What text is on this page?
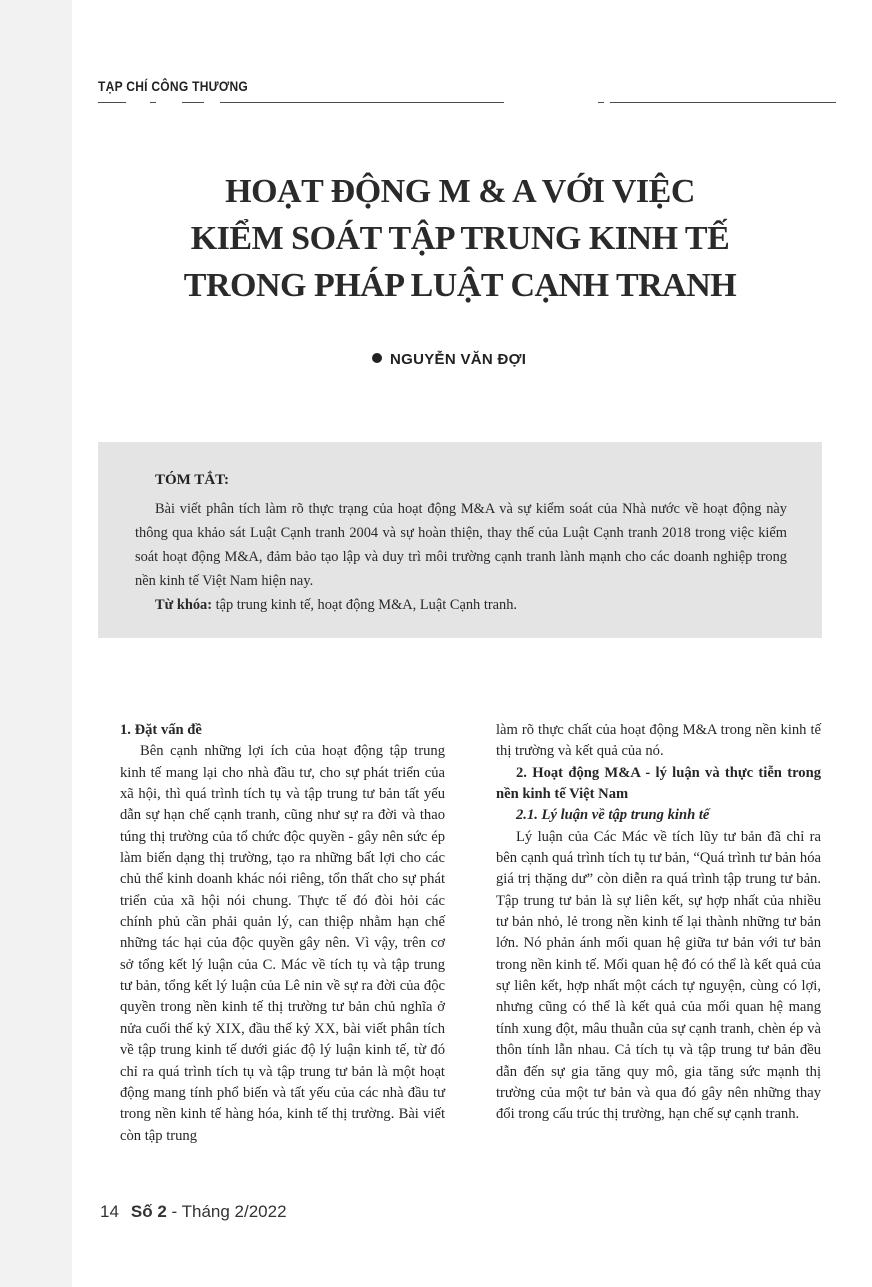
TẠP CHÍ CÔNG THƯƠNG
HOẠT ĐỘNG M & A VỚI VIỆC
KIỂM SOÁT TẬP TRUNG KINH TẾ
TRONG PHÁP LUẬT CẠNH TRANH
NGUYỄN VĂN ĐỢI
TÓM TẮT:
Bài viết phân tích làm rõ thực trạng của hoạt động M&A và sự kiểm soát của Nhà nước về hoạt động này thông qua khảo sát Luật Cạnh tranh 2004 và sự hoàn thiện, thay thế của Luật Cạnh tranh 2018 trong việc kiểm soát hoạt động M&A, đảm bảo tạo lập và duy trì môi trường cạnh tranh lành mạnh cho các doanh nghiệp trong nền kinh tế Việt Nam hiện nay.
Từ khóa: tập trung kinh tế, hoạt động M&A, Luật Cạnh tranh.
1. Đặt vấn đề

Bên cạnh những lợi ích của hoạt động tập trung kinh tế mang lại cho nhà đầu tư, cho sự phát triển của xã hội, thì quá trình tích tụ và tập trung tư bản tất yếu dẫn sự hạn chế cạnh tranh, cũng như sự ra đời và thao túng thị trường của tổ chức độc quyền - gây nên sức ép làm biến dạng thị trường, tạo ra những bất lợi cho các chủ thể kinh doanh khác nói riêng, tổn thất cho sự phát triển của xã hội nói chung. Thực tế đó đòi hỏi các chính phủ cần phải quản lý, can thiệp nhằm hạn chế những tác hại của độc quyền gây nên. Vì vậy, trên cơ sở tổng kết lý luận của C. Mác về tích tụ và tập trung tư bản, tổng kết lý luận của Lê nin về sự ra đời của độc quyền trong nền kinh tế thị trường tư bản chủ nghĩa ở nửa cuối thế kỷ XIX, đầu thế kỷ XX, bài viết phân tích về tập trung kinh tế dưới giác độ lý luận kinh tế, từ đó chỉ ra quá trình tích tụ và tập trung tư bản là một hoạt động mang tính phổ biến và tất yếu của các nhà đầu tư trong nền kinh tế hàng hóa, kinh tế thị trường. Bài viết còn tập trung

làm rõ thực chất của hoạt động M&A trong nền kinh tế thị trường và kết quả của nó.

2. Hoạt động M&A - lý luận và thực tiễn trong nền kinh tế Việt Nam
2.1. Lý luận về tập trung kinh tế

Lý luận của Các Mác về tích lũy tư bản đã chỉ ra bên cạnh quá trình tích tụ tư bản, “Quá trình tư bản hóa giá trị thặng dư” còn diễn ra quá trình tập trung tư bản. Tập trung tư bản là sự liên kết, sự hợp nhất của nhiều tư bản nhỏ, lẻ trong nền kinh tế lại thành những tư bản lớn. Nó phản ánh mối quan hệ giữa tư bản với tư bản trong nền kinh tế. Mối quan hệ đó có thể là kết quả của sự liên kết, hợp nhất một cách tự nguyện, cùng có lợi, nhưng cũng có thể là kết quả của mối quan hệ mang tính xung đột, mâu thuẫn của sự cạnh tranh, chèn ép và thôn tính lẫn nhau. Cả tích tụ và tập trung tư bản đều dẫn đến sự gia tăng quy mô, gia tăng sức mạnh thị trường của một tư bản và qua đó gây nên những thay đổi trong cấu trúc thị trường, hạn chế sự cạnh tranh.

14 Số 2 - Tháng 2/2022
